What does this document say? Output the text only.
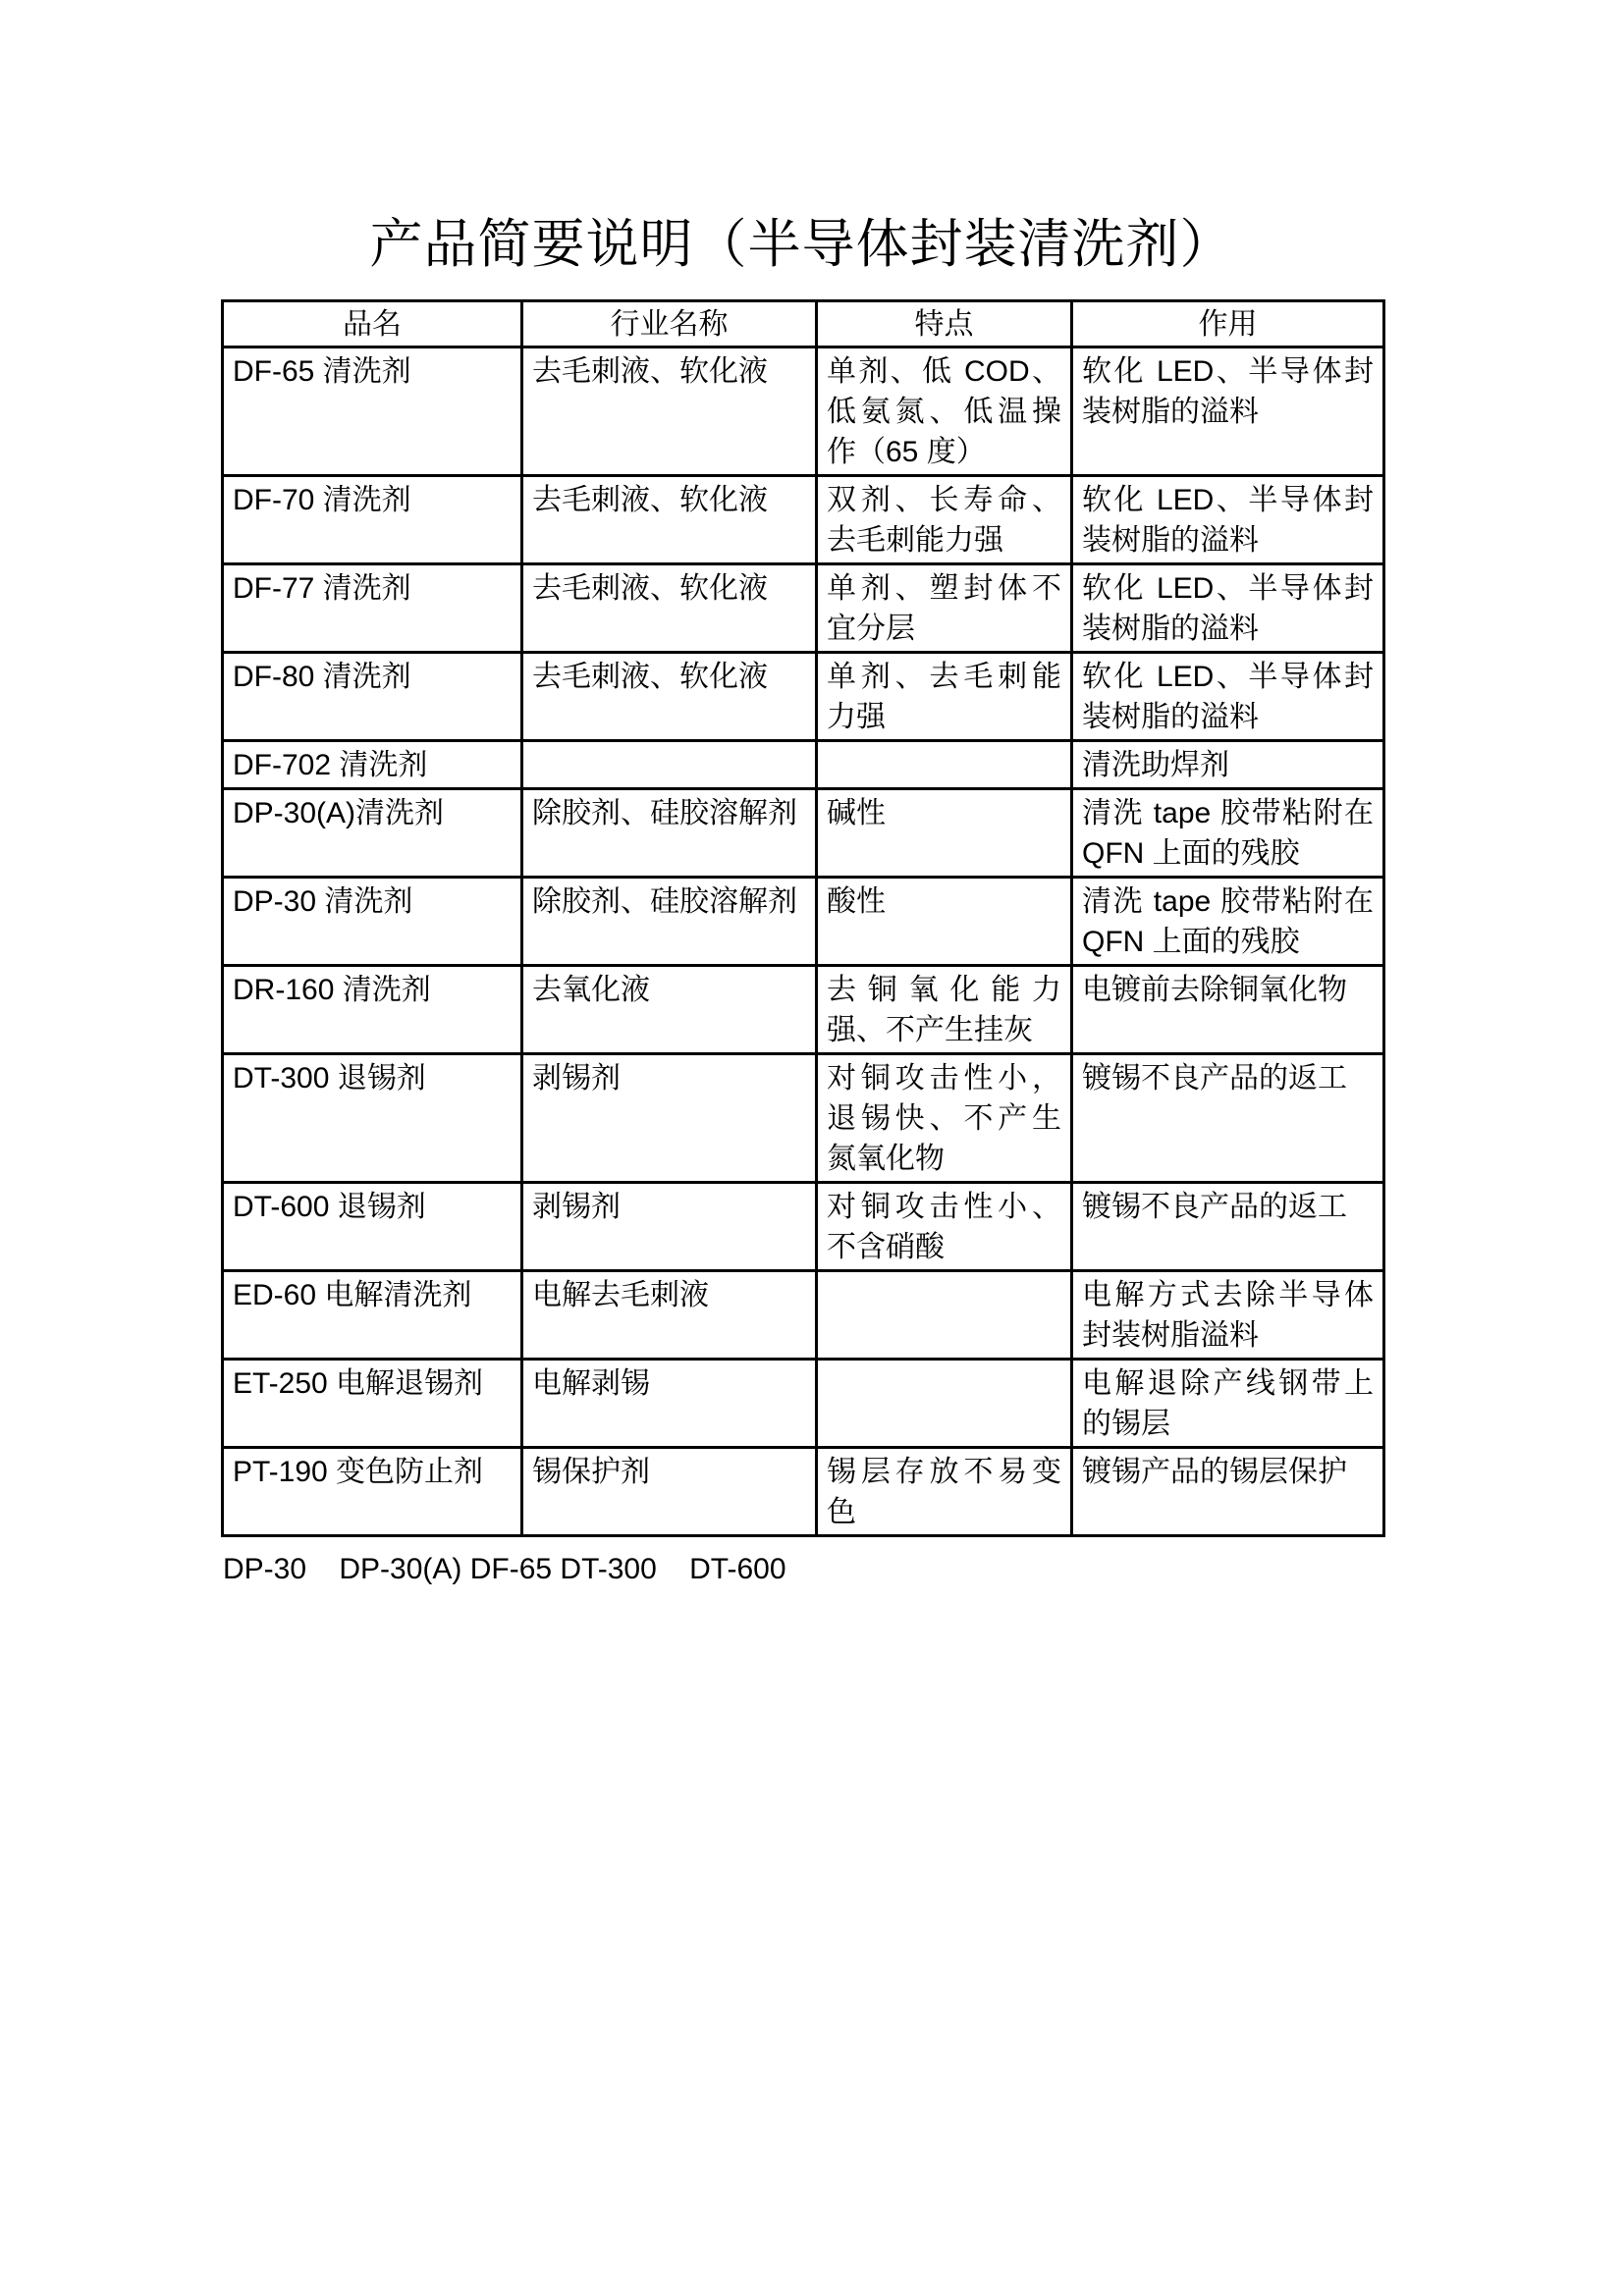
产品简要说明（半导体封装清洗剂）
品名	行业名称	特点	作用
DF-65 清洗剂	去毛刺液、软化液	单剂、低 COD、低氨氮、低温操作（65 度）	软化 LED、半导体封装树脂的溢料
DF-70 清洗剂	去毛刺液、软化液	双剂、长寿命、去毛刺能力强	软化 LED、半导体封装树脂的溢料
DF-77 清洗剂	去毛刺液、软化液	单剂、塑封体不宜分层	软化 LED、半导体封装树脂的溢料
DF-80 清洗剂	去毛刺液、软化液	单剂、去毛刺能力强	软化 LED、半导体封装树脂的溢料
DF-702 清洗剂			清洗助焊剂
DP-30(A)清洗剂	除胶剂、硅胶溶解剂	碱性	清洗 tape 胶带粘附在 QFN 上面的残胶
DP-30 清洗剂	除胶剂、硅胶溶解剂	酸性	清洗 tape 胶带粘附在 QFN 上面的残胶
DR-160 清洗剂	去氧化液	去铜氧化能力强、不产生挂灰	电镀前去除铜氧化物
DT-300 退锡剂	剥锡剂	对铜攻击性小，退锡快、不产生氮氧化物	镀锡不良产品的返工
DT-600 退锡剂	剥锡剂	对铜攻击性小、不含硝酸	镀锡不良产品的返工
ED-60 电解清洗剂	电解去毛刺液		电解方式去除半导体封装树脂溢料
ET-250 电解退锡剂	电解剥锡		电解退除产线钢带上的锡层
PT-190 变色防止剂	锡保护剂	锡层存放不易变色	镀锡产品的锡层保护

DP-30    DP-30(A) DF-65 DT-300    DT-600
